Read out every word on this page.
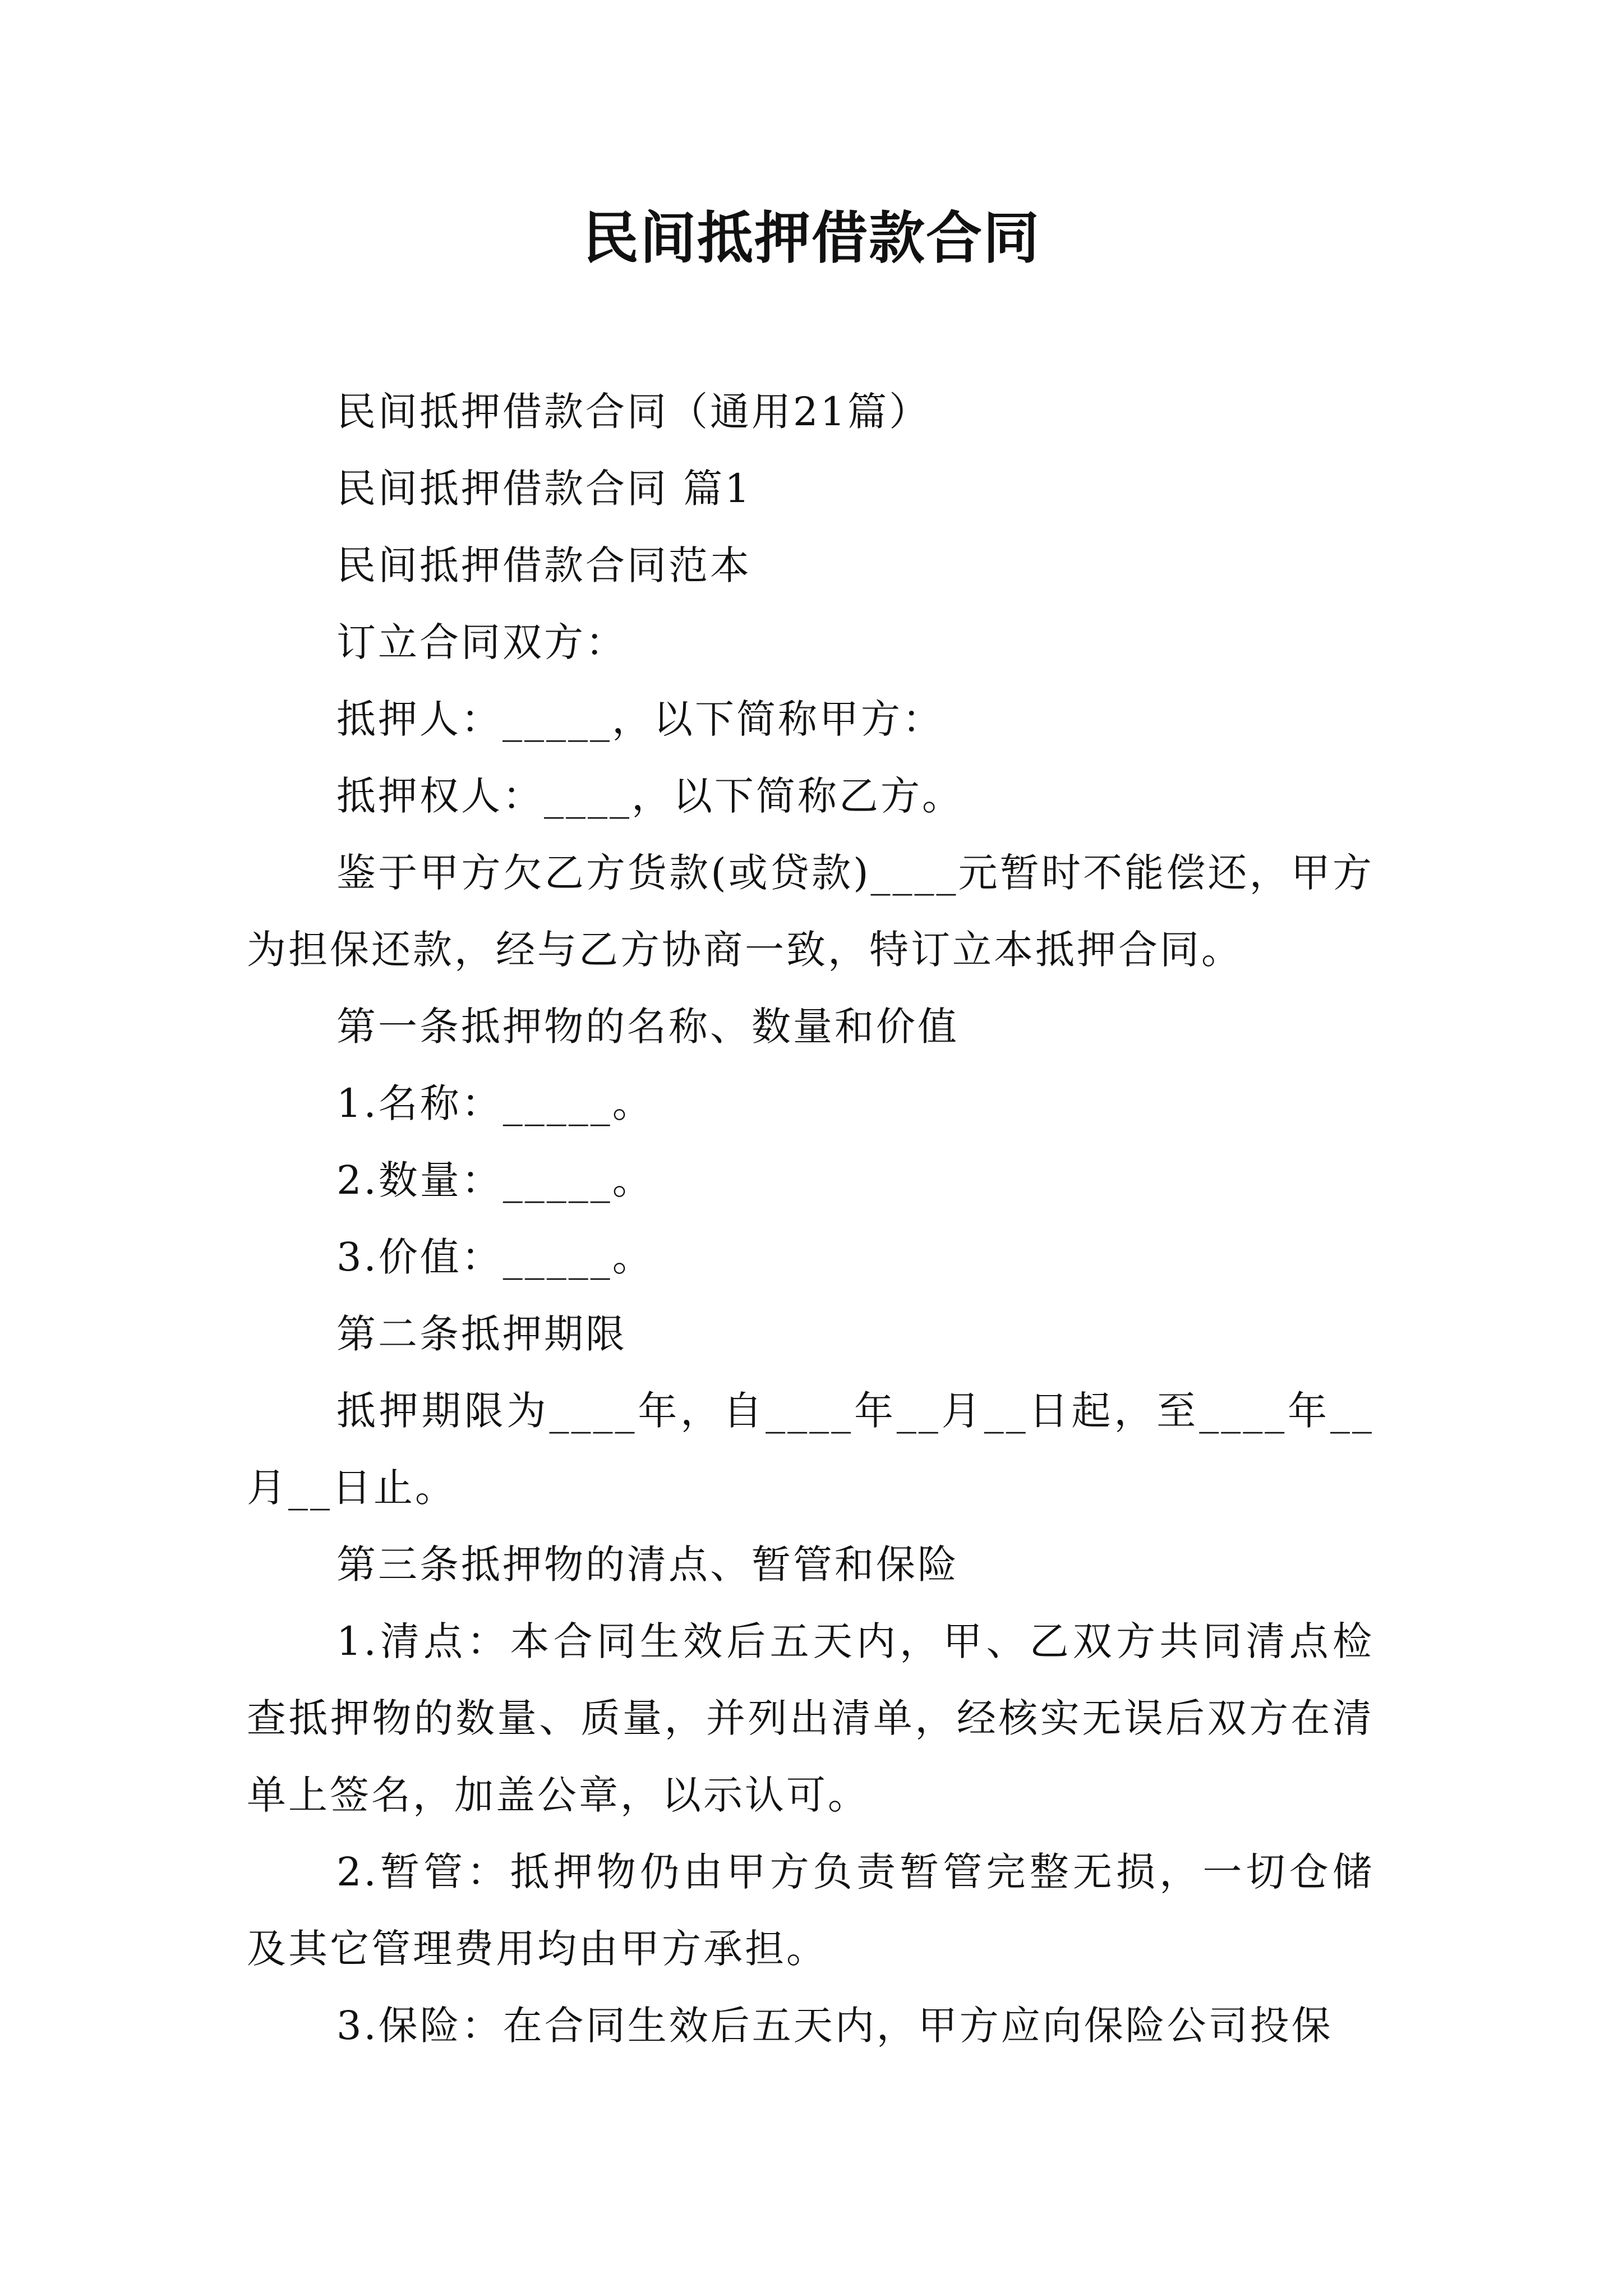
民间抵押借款合同

民间抵押借款合同（通用21篇）

民间抵押借款合同 篇1

民间抵押借款合同范本

订立合同双方：

抵押人：_____，以下简称甲方：

抵押权人：____，以下简称乙方。

鉴于甲方欠乙方货款(或贷款)____元暂时不能偿还，甲方为担保还款，经与乙方协商一致，特订立本抵押合同。

第一条抵押物的名称、数量和价值

1.名称：_____。

2.数量：_____。

3.价值：_____。

第二条抵押期限

抵押期限为____年，自____年__月__日起，至____年__月__日止。

第三条抵押物的清点、暂管和保险

1.清点：本合同生效后五天内，甲、乙双方共同清点检查抵押物的数量、质量，并列出清单，经核实无误后双方在清单上签名，加盖公章，以示认可。

2.暂管：抵押物仍由甲方负责暂管完整无损，一切仓储及其它管理费用均由甲方承担。

3.保险：在合同生效后五天内，甲方应向保险公司投保
